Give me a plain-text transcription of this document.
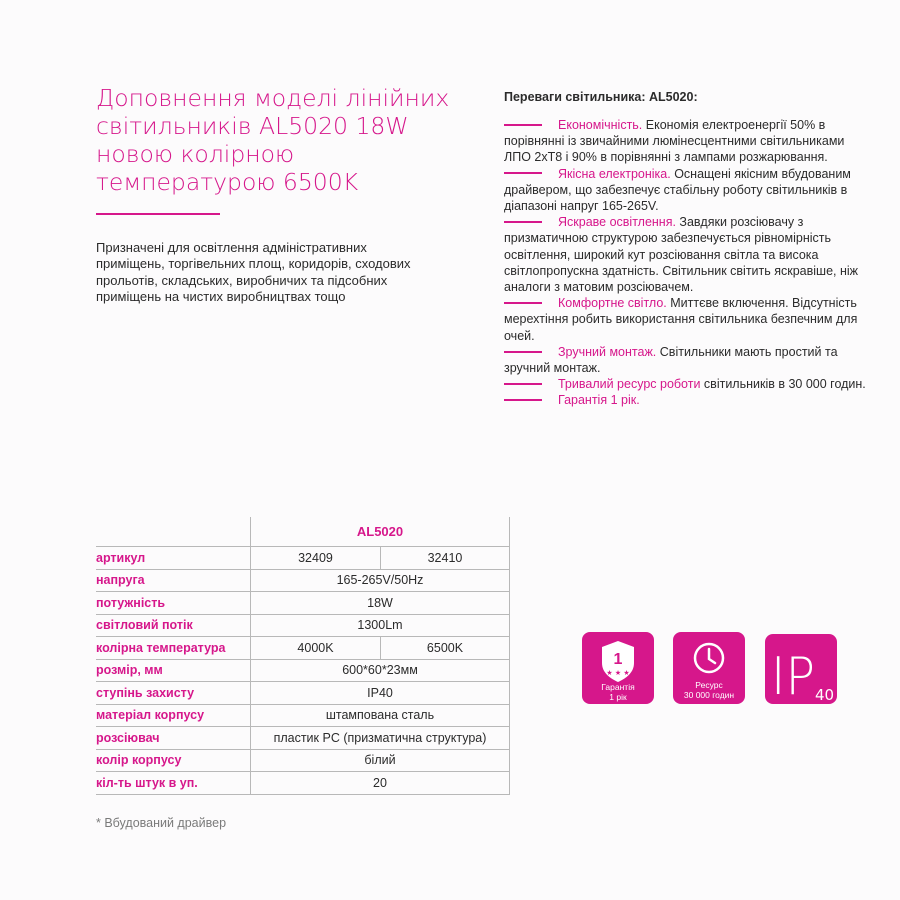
Доповнення моделі лінійних світильників AL5020 18W новою колірною температурою 6500K
Призначені для освітлення адміністративних приміщень, торгівельних площ, коридорів, сходових прольотів, складських, виробничих та підсобних приміщень на чистих виробництвах тощо
Переваги світильника: AL5020:
Економічність. Економія електроенергії 50% в порівнянні із звичайними люмінесцентними світильниками ЛПО 2хТ8 і 90% в порівнянні з лампами розжарювання.
Якісна електроніка. Оснащені якісним вбудованим драйвером, що забезпечує стабільну роботу світильників в діапазоні напруг 165-265V.
Яскраве освітлення. Завдяки розсіювачу з призматичною структурою забезпечується рівномірність освітлення, широкий кут розсіювання світла та висока світлопропускна здатність. Світильник світить яскравіше, ніж аналоги з матовим розсіювачем.
Комфортне світло. Миттєве включення. Відсутність мерехтіння робить використання світильника безпечним для очей.
Зручний монтаж. Світильники мають простий та зручний монтаж.
Тривалий ресурс роботи світильників в 30 000 годин.
Гарантія 1 рік.
	AL5020	
артикул	32409	32410
напруга	165-265V/50Hz	
потужність	18W	
світловий потік	1300Lm	
колірна температура	4000K	6500K
розмір, мм	600*60*23мм	
ступінь захисту	IP40	
матеріал корпусу	штампована сталь	
розсіювач	пластик PC (призматична структура)	
колір корпусу	білий	
кіл-ть штук в уп.	20	
* Вбудований драйвер
1
★ ★ ★
Гарантія
1 рік
Ресурс
30 000 годин IP 40
